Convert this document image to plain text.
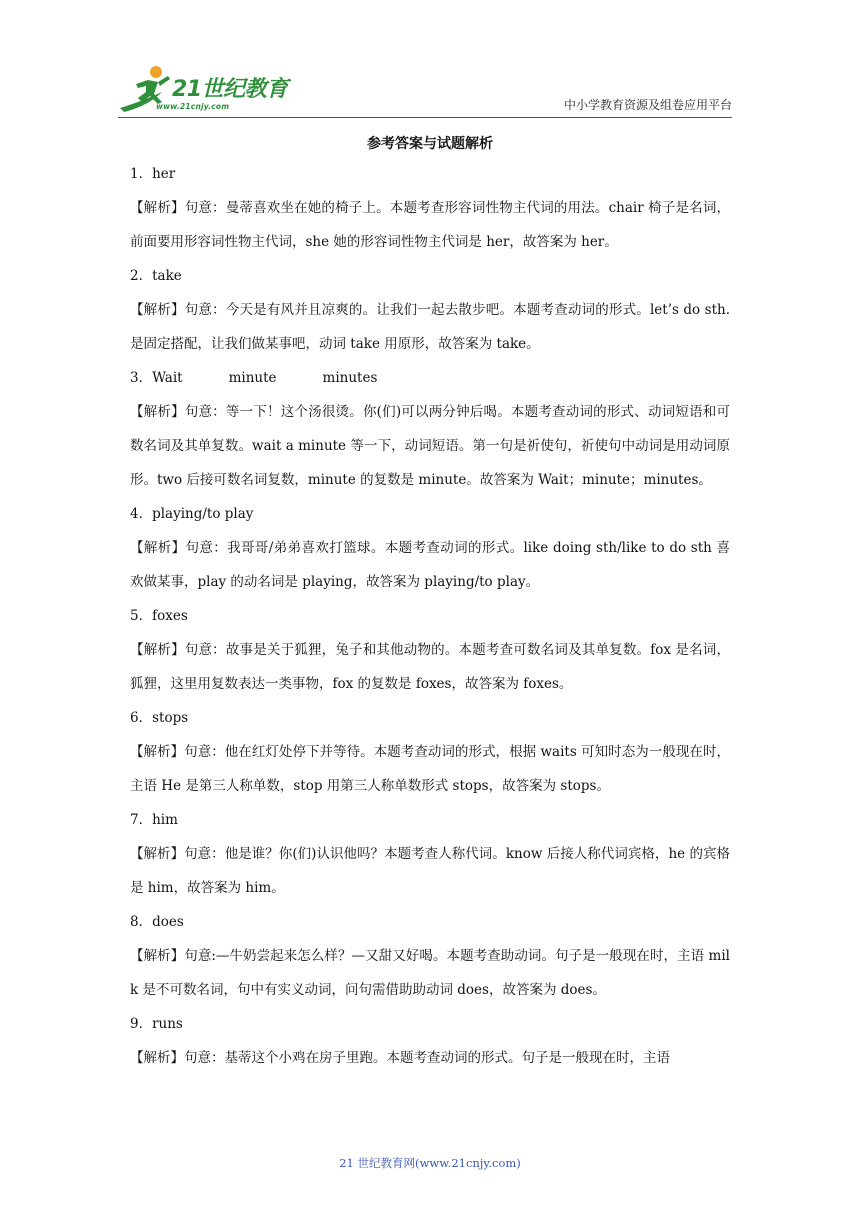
21世纪教育
www.21cnjy.com	中小学教育资源及组卷应用平台
参考答案与试题解析

1．her

【解析】句意：曼蒂喜欢坐在她的椅子上。本题考查形容词性物主代词的用法。chair 椅子是名词，前面要用形容词性物主代词，she 她的形容词性物主代词是 her，故答案为 her。

2．take

【解析】句意：今天是有风并且凉爽的。让我们一起去散步吧。本题考查动词的形式。let’s do sth.是固定搭配，让我们做某事吧，动词 take 用原形，故答案为 take。

3．Wait	minute	minutes

【解析】句意：等一下！这个汤很烫。你(们)可以两分钟后喝。本题考查动词的形式、动词短语和可数名词及其单复数。wait a minute 等一下，动词短语。第一句是祈使句，祈使句中动词是用动词原形。two 后接可数名词复数，minute 的复数是 minute。故答案为 Wait；minute；minutes。

4．playing/to play

【解析】句意：我哥哥/弟弟喜欢打篮球。本题考查动词的形式。like doing sth/like to do sth 喜欢做某事，play 的动名词是 playing，故答案为 playing/to play。

5．foxes

【解析】句意：故事是关于狐狸，兔子和其他动物的。本题考查可数名词及其单复数。fox 是名词，狐狸，这里用复数表达一类事物，fox 的复数是 foxes，故答案为 foxes。

6．stops

【解析】句意：他在红灯处停下并等待。本题考查动词的形式，根据 waits 可知时态为一般现在时，主语 He 是第三人称单数，stop 用第三人称单数形式 stops，故答案为 stops。

7．him

【解析】句意：他是谁？你(们)认识他吗？本题考查人称代词。know 后接人称代词宾格，he 的宾格是 him，故答案为 him。

8．does

【解析】句意:—牛奶尝起来怎么样？—又甜又好喝。本题考查助动词。句子是一般现在时，主语 milk 是不可数名词，句中有实义动词，问句需借助助动词 does，故答案为 does。

9．runs

【解析】句意：基蒂这个小鸡在房子里跑。本题考查动词的形式。句子是一般现在时，主语

21 世纪教育网(www.21cnjy.com)
